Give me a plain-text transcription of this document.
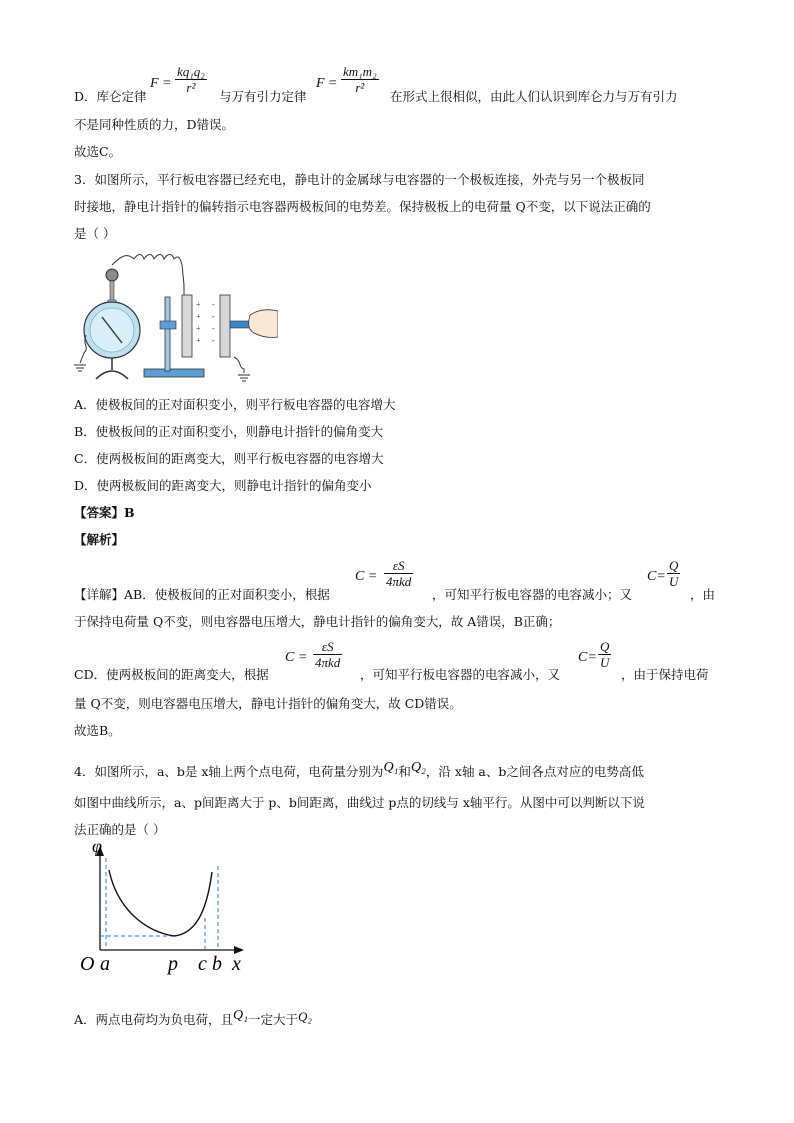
D．库仑定律
$F = \frac{\text{kq₁q₂}}{\text{r²}}$
与万有引力定律
$F = \frac{\text{km₁m₂}}{\text{r²}}$
在形式上很相似，由此人们认识到库仑力与万有引力
不是同种性质的力，D错误。
故选C。
3．如图所示，平行板电容器已经充电，静电计的金属球与电容器的一个极板连接，外壳与另一个极板同
时接地，静电计指针的偏转指示电容器两极板间的电势差。保持极板上的电荷量 Q不变，以下说法正确的
是（ ）
+
+
+
+
-
-
-
-
A．使极板间的正对面积变小，则平行板电容器的电容增大
B．使极板间的正对面积变小，则静电计指针的偏角变大
C．使两极板间的距离变大，则平行板电容器的电容增大
D．使两极板间的距离变大，则静电计指针的偏角变小
【答案】B
【解析】
【详解】AB．使极板间的正对面积变小，根据
C =
εS
4πkd
，可知平行板电容器的电容减小；又
$C= \frac{Q}{U}$
，由
于保持电荷量 Q不变，则电容器电压增大，静电计指针的偏角变大，故 A错误，B正确；
CD．使两极板间的距离变大，根据
C =
εS
4πkd
，可知平行板电容器的电容减小，又
$C= \frac{Q}{U}$
，由于保持电荷
量 Q不变，则电容器电压增大，静电计指针的偏角变大，故 CD错误。
故选B。
4．如图所示，a、b是 x轴上两个点电荷，电荷量分别为Q₁和Q₂，沿 x轴 a、b之间各点对应的电势高低
如图中曲线所示，a、p间距离大于 p、b间距离，曲线过 p点的切线与 x轴平行。从图中可以判断以下说
法正确的是（ ）
φ
O a	p c b x
A．两点电荷均为负电荷，且Q₁一定大于Q₂
